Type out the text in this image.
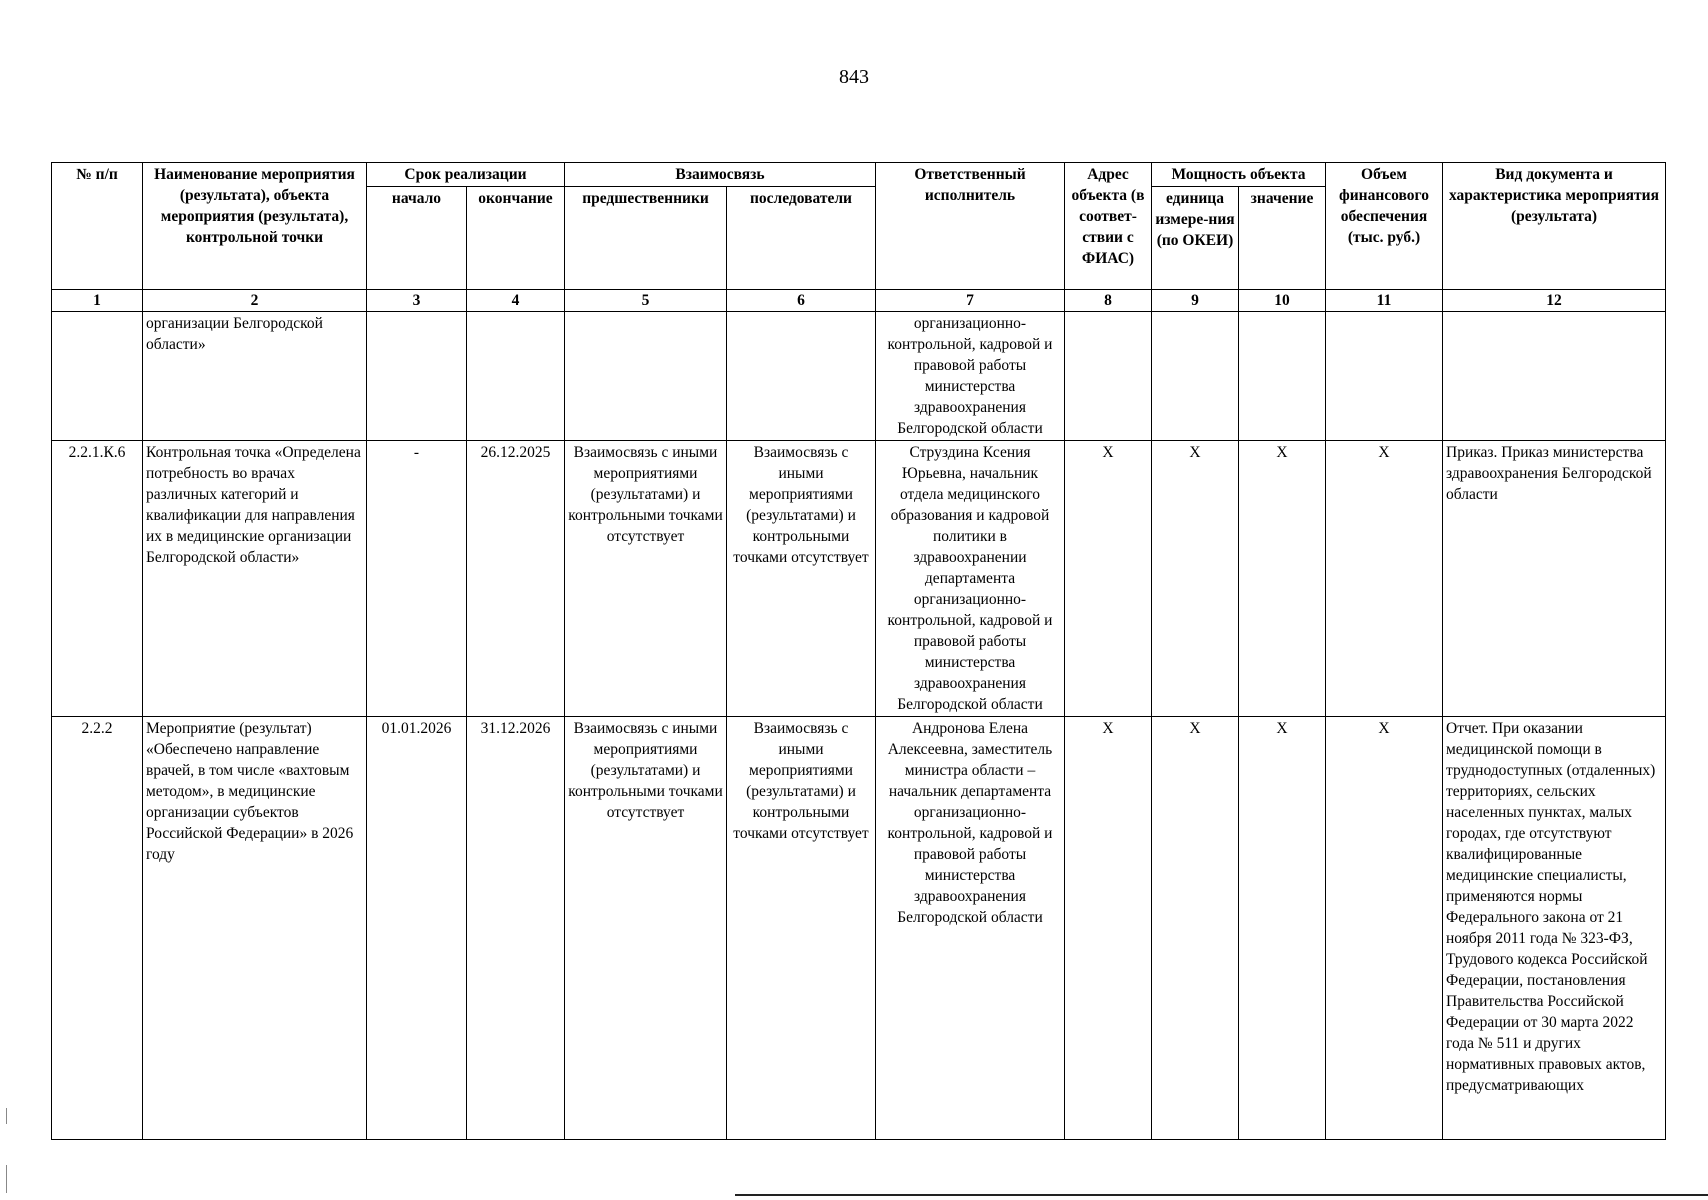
843
№ п/п	Наименование мероприятия (результата), объекта мероприятия (результата), контрольной точки	Срок реализации		Взаимосвязь		Ответственный исполнитель	Адрес объекта (в соответ-ствии с ФИАС)	Мощность объекта		Объем финансового обеспечения (тыс. руб.)	Вид документа и характеристика мероприятия (результата)
		начало	окончание	предшественники	последователи			единица измере-ния (по ОКЕИ)	значение		
1	2	3	4	5	6	7	8	9	10	11	12
	организации Белгородской области»					организационно-контрольной, кадровой и правовой работы министерства здравоохранения Белгородской области					
2.2.1.К.6	Контрольная точка «Определена потребность во врачах различных категорий и квалификации для направления их в медицинские организации Белгородской области»	-	26.12.2025	Взаимосвязь с иными мероприятиями (результатами) и контрольными точками отсутствует	Взаимосвязь с иными мероприятиями (результатами) и контрольными точками отсутствует	Струздина Ксения Юрьевна, начальник отдела медицинского образования и кадровой политики в здравоохранении департамента организационно-контрольной, кадровой и правовой работы министерства здравоохранения Белгородской области	Х	Х	Х	Х	Приказ. Приказ министерства здравоохранения Белгородской области
2.2.2	Мероприятие (результат) «Обеспечено направление врачей, в том числе «вахтовым методом», в медицинские организации субъектов Российской Федерации» в 2026 году	01.01.2026	31.12.2026	Взаимосвязь с иными мероприятиями (результатами) и контрольными точками отсутствует	Взаимосвязь с иными мероприятиями (результатами) и контрольными точками отсутствует	Андронова Елена Алексеевна, заместитель министра области – начальник департамента организационно-контрольной, кадровой и правовой работы министерства здравоохранения Белгородской области	Х	Х	Х	Х	Отчет. При оказании медицинской помощи в труднодоступных (отдаленных) территориях, сельских населенных пунктах, малых городах, где отсутствуют квалифицированные медицинские специалисты, применяются нормы Федерального закона от 21 ноября 2011 года № 323-ФЗ, Трудового кодекса Российской Федерации, постановления Правительства Российской Федерации от 30 марта 2022 года № 511 и других нормативных правовых актов, предусматривающих
